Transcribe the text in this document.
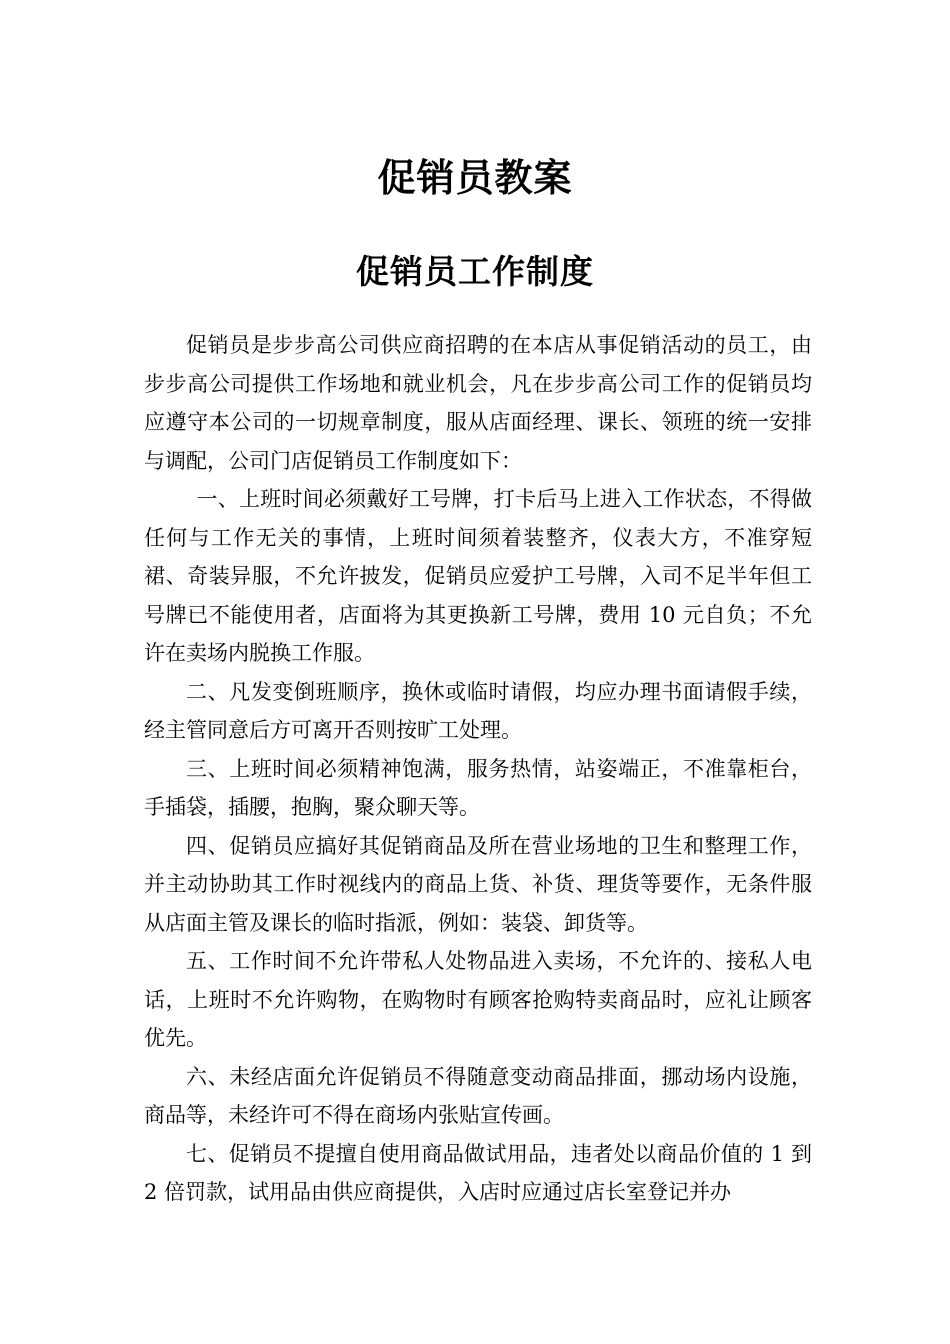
促销员教案
促销员工作制度

促销员是步步高公司供应商招聘的在本店从事促销活动的员工，由步步高公司提供工作场地和就业机会，凡在步步高公司工作的促销员均应遵守本公司的一切规章制度，服从店面经理、课长、领班的统一安排与调配，公司门店促销员工作制度如下：

一、上班时间必须戴好工号牌，打卡后马上进入工作状态，不得做任何与工作无关的事情，上班时间须着装整齐，仪表大方，不准穿短裙、奇装异服，不允许披发，促销员应爱护工号牌，入司不足半年但工号牌已不能使用者，店面将为其更换新工号牌，费用 10 元自负；不允许在卖场内脱换工作服。

二、凡发变倒班顺序，换休或临时请假，均应办理书面请假手续，经主管同意后方可离开否则按旷工处理。

三、上班时间必须精神饱满，服务热情，站姿端正，不准靠柜台，手插袋，插腰，抱胸，聚众聊天等。

四、促销员应搞好其促销商品及所在营业场地的卫生和整理工作，并主动协助其工作时视线内的商品上货、补货、理货等要作，无条件服从店面主管及课长的临时指派，例如：装袋、卸货等。

五、工作时间不允许带私人处物品进入卖场，不允许的、接私人电话，上班时不允许购物，在购物时有顾客抢购特卖商品时，应礼让顾客优先。

六、未经店面允许促销员不得随意变动商品排面，挪动场内设施，商品等，未经许可不得在商场内张贴宣传画。

七、促销员不提擅自使用商品做试用品，违者处以商品价值的 1 到 2 倍罚款，试用品由供应商提供，入店时应通过店长室登记并办
